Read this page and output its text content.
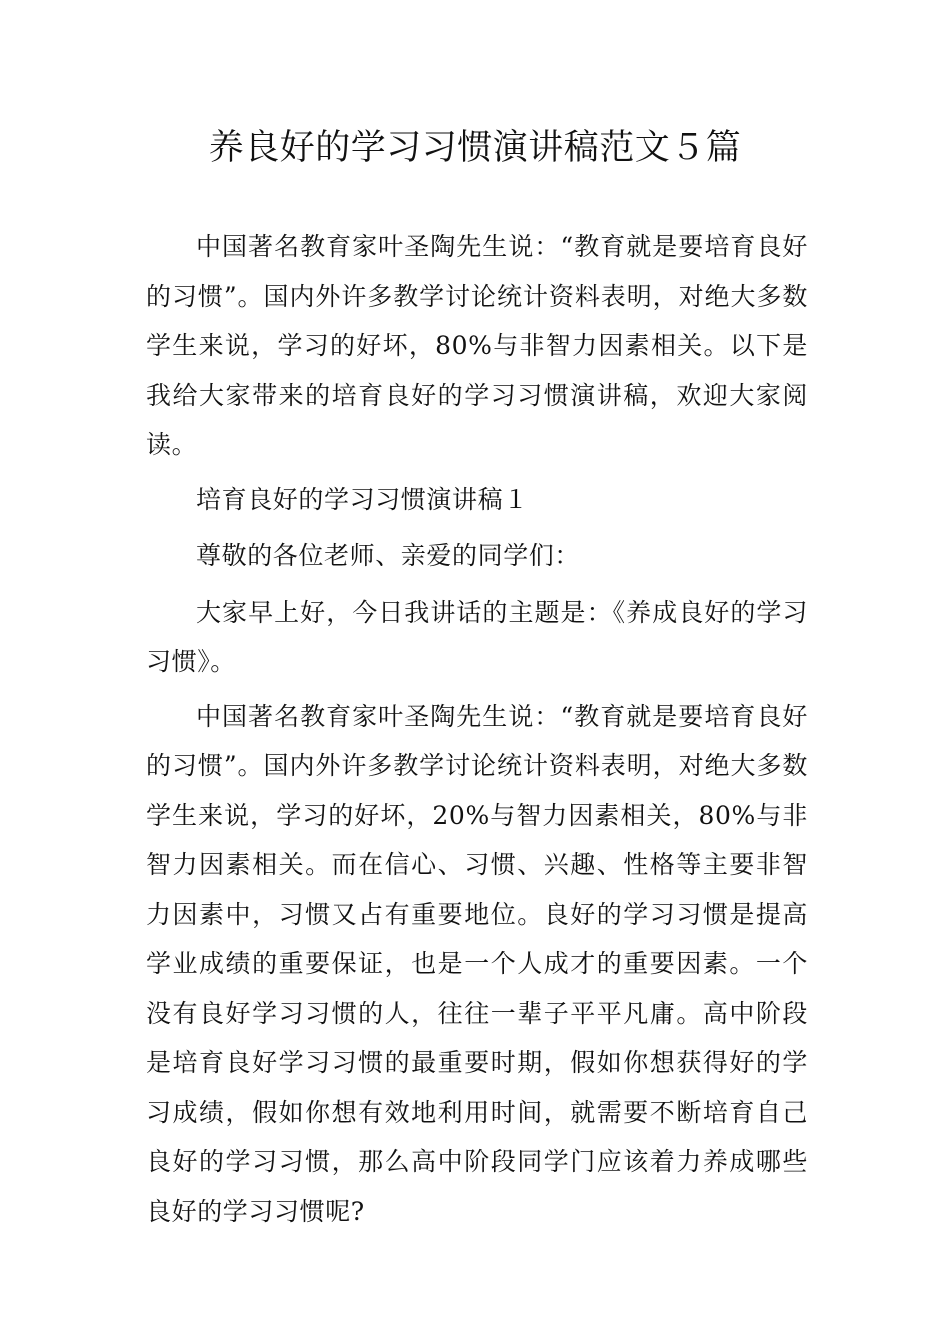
养良好的学习习惯演讲稿范文５篇

中国著名教育家叶圣陶先生说：“教育就是要培育良好的习惯”。国内外许多教学讨论统计资料表明，对绝大多数学生来说，学习的好坏，80%与非智力因素相关。以下是我给大家带来的培育良好的学习习惯演讲稿，欢迎大家阅读。

培育良好的学习习惯演讲稿１

尊敬的各位老师、亲爱的同学们：

大家早上好，今日我讲话的主题是：《养成良好的学习习惯》。

中国著名教育家叶圣陶先生说：“教育就是要培育良好的习惯”。国内外许多教学讨论统计资料表明，对绝大多数学生来说，学习的好坏，20%与智力因素相关，80%与非智力因素相关。而在信心、习惯、兴趣、性格等主要非智力因素中，习惯又占有重要地位。良好的学习习惯是提高学业成绩的重要保证，也是一个人成才的重要因素。一个没有良好学习习惯的人，往往一辈子平平凡庸。高中阶段是培育良好学习习惯的最重要时期，假如你想获得好的学习成绩，假如你想有效地利用时间，就需要不断培育自己良好的学习习惯，那么高中阶段同学门应该着力养成哪些良好的学习习惯呢?
